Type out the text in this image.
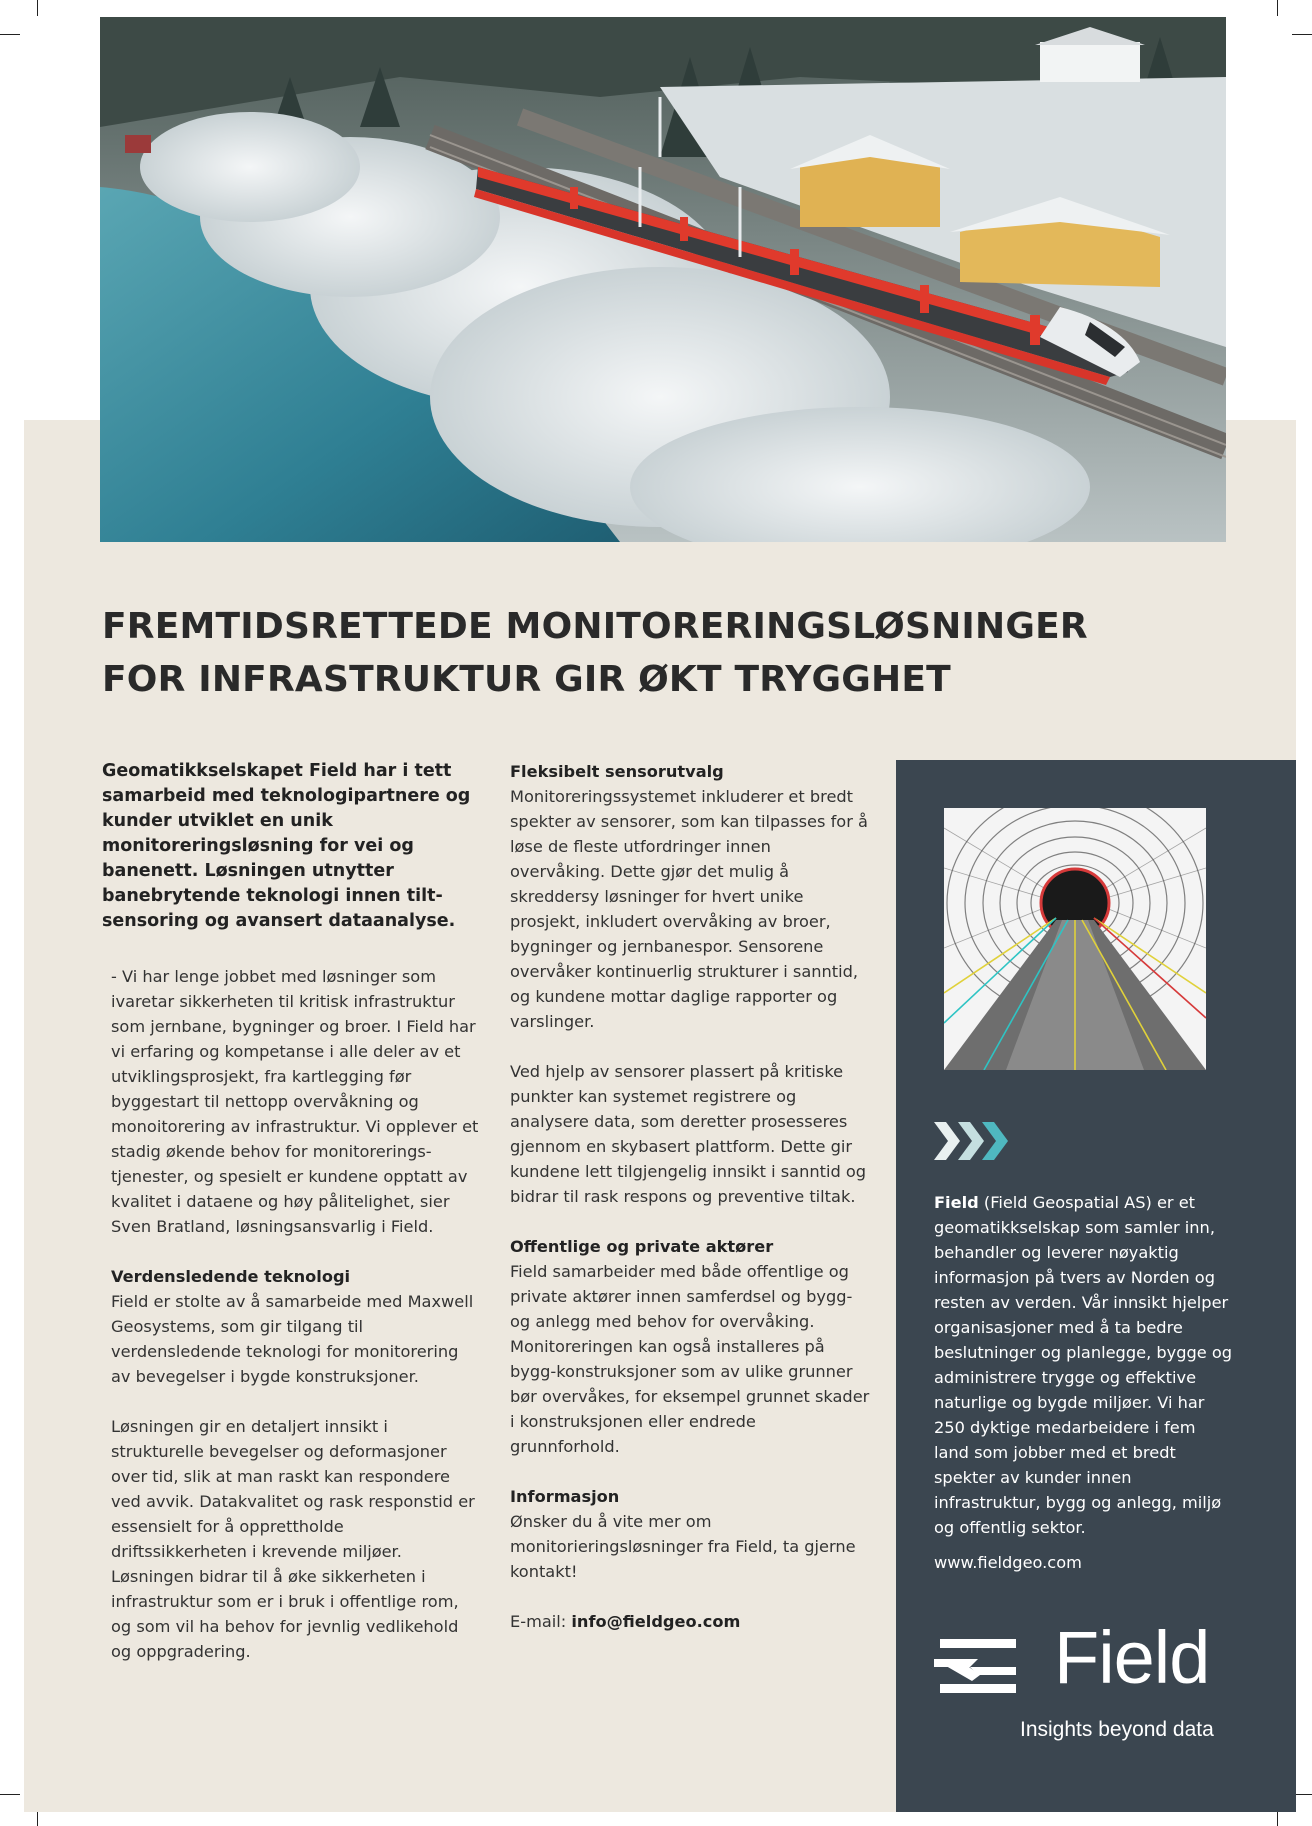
FREMTIDSRETTEDE MONITORERINGSLØSNINGER
FOR INFRASTRUKTUR GIR ØKT TRYGGHET

Geomatikkselskapet Field har i tett samarbeid med teknologipartnere og kunder utviklet en unik monitoreringsløsning for vei og banenett. Løsningen utnytter banebrytende teknologi innen tilt-sensoring og avansert dataanalyse.

- Vi har lenge jobbet med løsninger som ivaretar sikkerheten til kritisk infrastruktur som jernbane, bygninger og broer. I Field har vi erfaring og kompetanse i alle deler av et utviklingsprosjekt, fra kartlegging før byggestart til nettopp overvåkning og monoitorering av infrastruktur. Vi opplever et stadig økende behov for monitorerings-tjenester, og spesielt er kundene opptatt av kvalitet i dataene og høy pålitelighet, sier Sven Bratland, løsningsansvarlig i Field.

Verdensledende teknologi

Field er stolte av å samarbeide med Maxwell Geosystems, som gir tilgang til verdensledende teknologi for monitorering av bevegelser i bygde konstruksjoner.

Løsningen gir en detaljert innsikt i strukturelle bevegelser og deformasjoner over tid, slik at man raskt kan respondere ved avvik. Datakvalitet og rask responstid er essensielt for å opprettholde driftssikkerheten i krevende miljøer. Løsningen bidrar til å øke sikkerheten i infrastruktur som er i bruk i offentlige rom, og som vil ha behov for jevnlig vedlikehold og oppgradering.

Fleksibelt sensorutvalg

Monitoreringssystemet inkluderer et bredt spekter av sensorer, som kan tilpasses for å løse de fleste utfordringer innen overvåking. Dette gjør det mulig å skreddersy løsninger for hvert unike prosjekt, inkludert overvåking av broer, bygninger og jernbanespor. Sensorene overvåker kontinuerlig strukturer i sanntid, og kundene mottar daglige rapporter og varslinger.

Ved hjelp av sensorer plassert på kritiske punkter kan systemet registrere og analysere data, som deretter prosesseres gjennom en skybasert plattform. Dette gir kundene lett tilgjengelig innsikt i sanntid og bidrar til rask respons og preventive tiltak.

Offentlige og private aktører

Field samarbeider med både offentlige og private aktører innen samferdsel og bygg- og anlegg med behov for overvåking. Monitoreringen kan også installeres på bygg-konstruksjoner som av ulike grunner bør overvåkes, for eksempel grunnet skader i konstruksjonen eller endrede grunnforhold.

Informasjon

Ønsker du å vite mer om monitorieringsløsninger fra Field, ta gjerne kontakt!

E-mail: info@fieldgeo.com

Field (Field Geospatial AS) er et geomatikkselskap som samler inn, behandler og leverer nøyaktig informasjon på tvers av Norden og resten av verden. Vår innsikt hjelper organisasjoner med å ta bedre beslutninger og planlegge, bygge og administrere trygge og effektive naturlige og bygde miljøer. Vi har 250 dyktige medarbeidere i fem land som jobber med et bredt spekter av kunder innen infrastruktur, bygg og anlegg, miljø og offentlig sektor.

www.fieldgeo.com
Field
Insights beyond data
